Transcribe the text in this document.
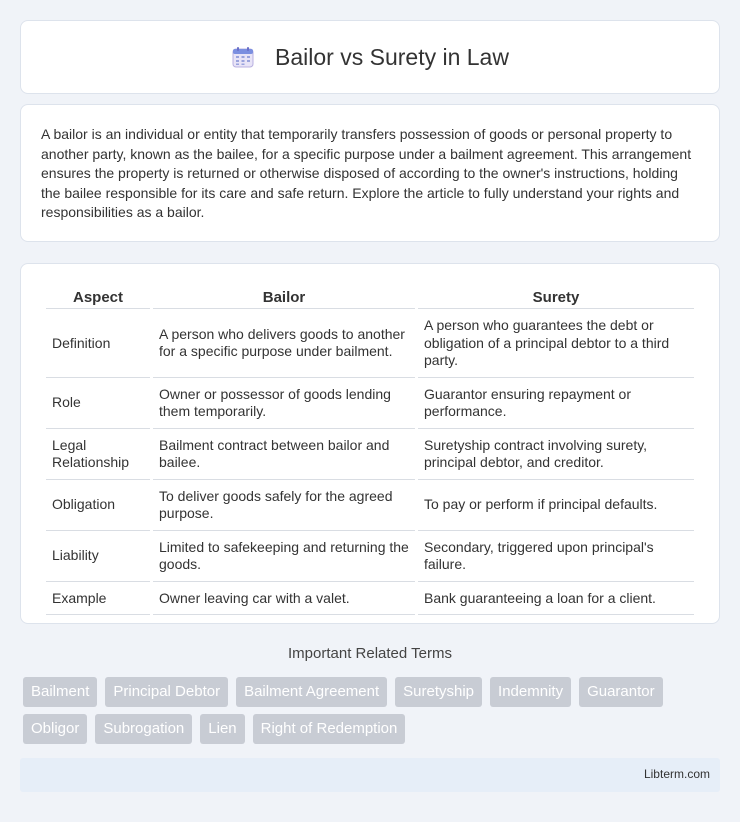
Bailor vs Surety in Law

A bailor is an individual or entity that temporarily transfers possession of goods or personal property to another party, known as the bailee, for a specific purpose under a bailment agreement. This arrangement ensures the property is returned or otherwise disposed of according to the owner's instructions, holding the bailee responsible for its care and safe return. Explore the article to fully understand your rights and responsibilities as a bailor.

Aspect	Bailor	Surety
Definition	A person who delivers goods to another for a specific purpose under bailment.	A person who guarantees the debt or obligation of a principal debtor to a third party.
Role	Owner or possessor of goods lending them temporarily.	Guarantor ensuring repayment or performance.
Legal Relationship	Bailment contract between bailor and bailee.	Suretyship contract involving surety, principal debtor, and creditor.
Obligation	To deliver goods safely for the agreed purpose.	To pay or perform if principal defaults.
Liability	Limited to safekeeping and returning the goods.	Secondary, triggered upon principal's failure.
Example	Owner leaving car with a valet.	Bank guaranteeing a loan for a client.
Important Related Terms
Bailment	Principal Debtor	Bailment Agreement	Suretyship	Indemnity	Guarantor
Obligor	Subrogation	Lien	Right of Redemption
Libterm.com
